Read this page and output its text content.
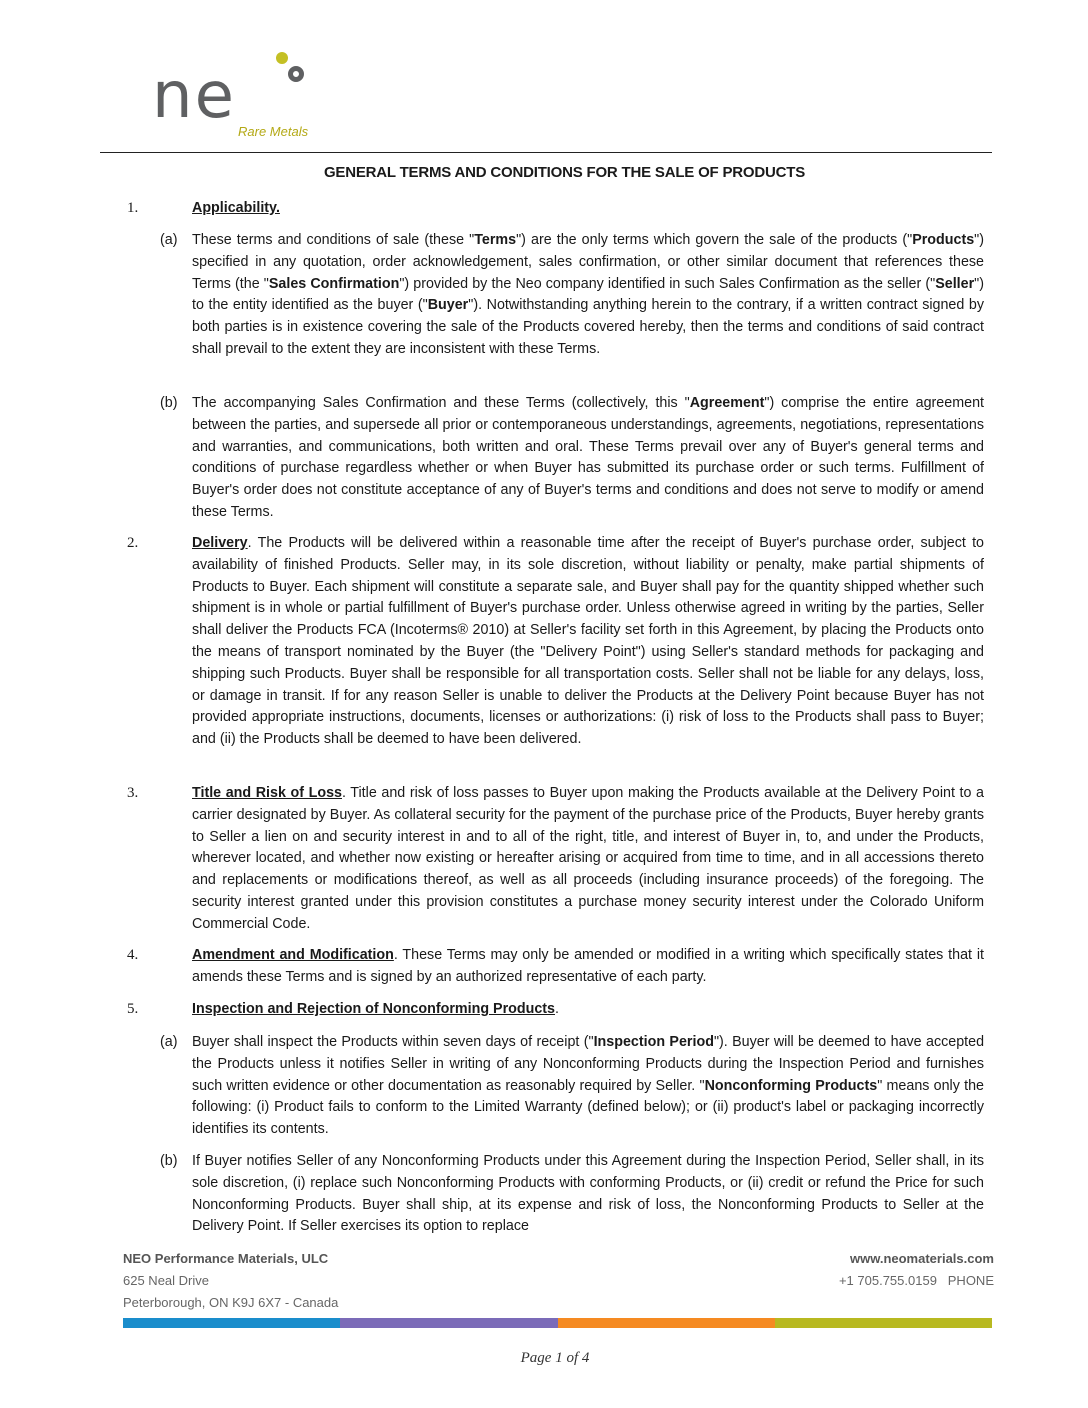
ne Rare Metals
GENERAL TERMS AND CONDITIONS FOR THE SALE OF PRODUCTS
1.	Applicability.
(a) These terms and conditions of sale (these "Terms") are the only terms which govern the sale of the products ("Products") specified in any quotation, order acknowledgement, sales confirmation, or other similar document that references these Terms (the "Sales Confirmation") provided by the Neo company identified in such Sales Confirmation as the seller ("Seller") to the entity identified as the buyer ("Buyer"). Notwithstanding anything herein to the contrary, if a written contract signed by both parties is in existence covering the sale of the Products covered hereby, then the terms and conditions of said contract shall prevail to the extent they are inconsistent with these Terms.

(b) The accompanying Sales Confirmation and these Terms (collectively, this "Agreement") comprise the entire agreement between the parties, and supersede all prior or contemporaneous understandings, agreements, negotiations, representations and warranties, and communications, both written and oral. These Terms prevail over any of Buyer's general terms and conditions of purchase regardless whether or when Buyer has submitted its purchase order or such terms. Fulfillment of Buyer's order does not constitute acceptance of any of Buyer's terms and conditions and does not serve to modify or amend these Terms.

2.	Delivery. The Products will be delivered within a reasonable time after the receipt of Buyer's purchase order, subject to availability of finished Products. Seller may, in its sole discretion, without liability or penalty, make partial shipments of Products to Buyer. Each shipment will constitute a separate sale, and Buyer shall pay for the quantity shipped whether such shipment is in whole or partial fulfillment of Buyer's purchase order. Unless otherwise agreed in writing by the parties, Seller shall deliver the Products FCA (Incoterms® 2010) at Seller's facility set forth in this Agreement, by placing the Products onto the means of transport nominated by the Buyer (the "Delivery Point") using Seller's standard methods for packaging and shipping such Products. Buyer shall be responsible for all transportation costs. Seller shall not be liable for any delays, loss, or damage in transit. If for any reason Seller is unable to deliver the Products at the Delivery Point because Buyer has not provided appropriate instructions, documents, licenses or authorizations: (i) risk of loss to the Products shall pass to Buyer; and (ii) the Products shall be deemed to have been delivered.

3.	Title and Risk of Loss. Title and risk of loss passes to Buyer upon making the Products available at the Delivery Point to a carrier designated by Buyer. As collateral security for the payment of the purchase price of the Products, Buyer hereby grants to Seller a lien on and security interest in and to all of the right, title, and interest of Buyer in, to, and under the Products, wherever located, and whether now existing or hereafter arising or acquired from time to time, and in all accessions thereto and replacements or modifications thereof, as well as all proceeds (including insurance proceeds) of the foregoing. The security interest granted under this provision constitutes a purchase money security interest under the Colorado Uniform Commercial Code.

4.	Amendment and Modification. These Terms may only be amended or modified in a writing which specifically states that it amends these Terms and is signed by an authorized representative of each party.

5.	Inspection and Rejection of Nonconforming Products.

(a) Buyer shall inspect the Products within seven days of receipt ("Inspection Period"). Buyer will be deemed to have accepted the Products unless it notifies Seller in writing of any Nonconforming Products during the Inspection Period and furnishes such written evidence or other documentation as reasonably required by Seller. "Nonconforming Products" means only the following: (i) Product fails to conform to the Limited Warranty (defined below); or (ii) product's label or packaging incorrectly identifies its contents.

(b) If Buyer notifies Seller of any Nonconforming Products under this Agreement during the Inspection Period, Seller shall, in its sole discretion, (i) replace such Nonconforming Products with conforming Products, or (ii) credit or refund the Price for such Nonconforming Products. Buyer shall ship, at its expense and risk of loss, the Nonconforming Products to Seller at the Delivery Point. If Seller exercises its option to replace

NEO Performance Materials, ULC
625 Neal Drive
Peterborough, ON K9J 6X7 - Canada
www.neomaterials.com
+1 705.755.0159   PHONE
Page 1 of 4
